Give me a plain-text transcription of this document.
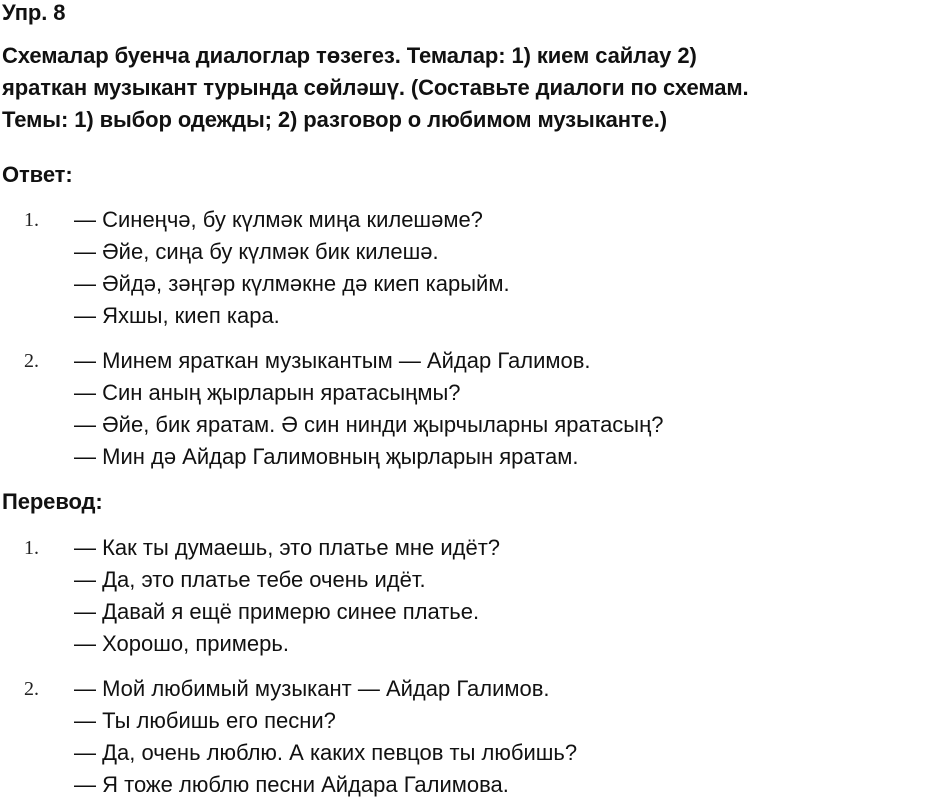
Упр. 8
Схемалар буенча диалоглар төзегез. Темалар: 1) кием сайлау 2)
яраткан музыкант турында сөйләшү. (Составьте диалоги по схемам.
Темы: 1) выбор одежды; 2) разговор о любимом музыканте.)
Ответ:
1. — Синеңчә, бу күлмәк миңа килешәме?
— Әйе, сиңа бу күлмәк бик килешә.
— Әйдә, зәңгәр күлмәкне дә киеп карыйм.
— Яхшы, киеп кара.
2. — Минем яраткан музыкантым — Айдар Галимов.
— Син аның җырларын яратасыңмы?
— Әйе, бик яратам. Ә син нинди җырчыларны яратасың?
— Мин дә Айдар Галимовның җырларын яратам.
Перевод:
1. — Как ты думаешь, это платье мне идёт?
— Да, это платье тебе очень идёт.
— Давай я ещё примерю синее платье.
— Хорошо, примерь.
2. — Мой любимый музыкант — Айдар Галимов.
— Ты любишь его песни?
— Да, очень люблю. А каких певцов ты любишь?
— Я тоже люблю песни Айдара Галимова.
